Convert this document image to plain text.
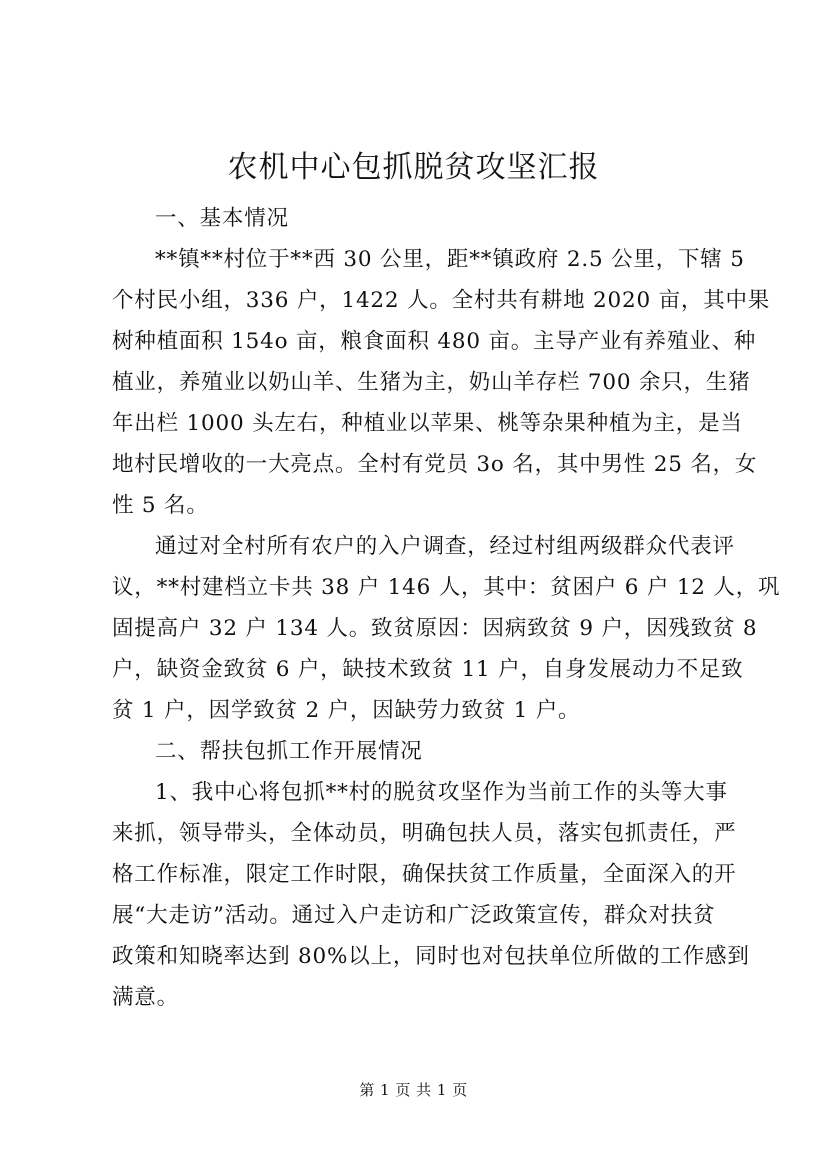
农机中心包抓脱贫攻坚汇报
一、基本情况
**镇**村位于**西 30 公里，距**镇政府 2.5 公里，下辖 5
个村民小组，336 户，1422 人。全村共有耕地 2020 亩，其中果
树种植面积 154o 亩，粮食面积 480 亩。主导产业有养殖业、种
植业，养殖业以奶山羊、生猪为主，奶山羊存栏 700 余只，生猪
年出栏 1000 头左右，种植业以苹果、桃等杂果种植为主，是当
地村民增收的一大亮点。全村有党员 3o 名，其中男性 25 名，女
性 5 名。
通过对全村所有农户的入户调查，经过村组两级群众代表评
议，**村建档立卡共 38 户 146 人，其中：贫困户 6 户 12 人，巩
固提高户 32 户 134 人。致贫原因：因病致贫 9 户，因残致贫 8
户，缺资金致贫 6 户，缺技术致贫 11 户，自身发展动力不足致
贫 1 户，因学致贫 2 户，因缺劳力致贫 1 户。
二、帮扶包抓工作开展情况
1、我中心将包抓**村的脱贫攻坚作为当前工作的头等大事
来抓，领导带头，全体动员，明确包扶人员，落实包抓责任，严
格工作标准，限定工作时限，确保扶贫工作质量，全面深入的开
展“大走访”活动。通过入户走访和广泛政策宣传，群众对扶贫
政策和知晓率达到 80%以上，同时也对包扶单位所做的工作感到
满意。
第 1 页 共 1 页
